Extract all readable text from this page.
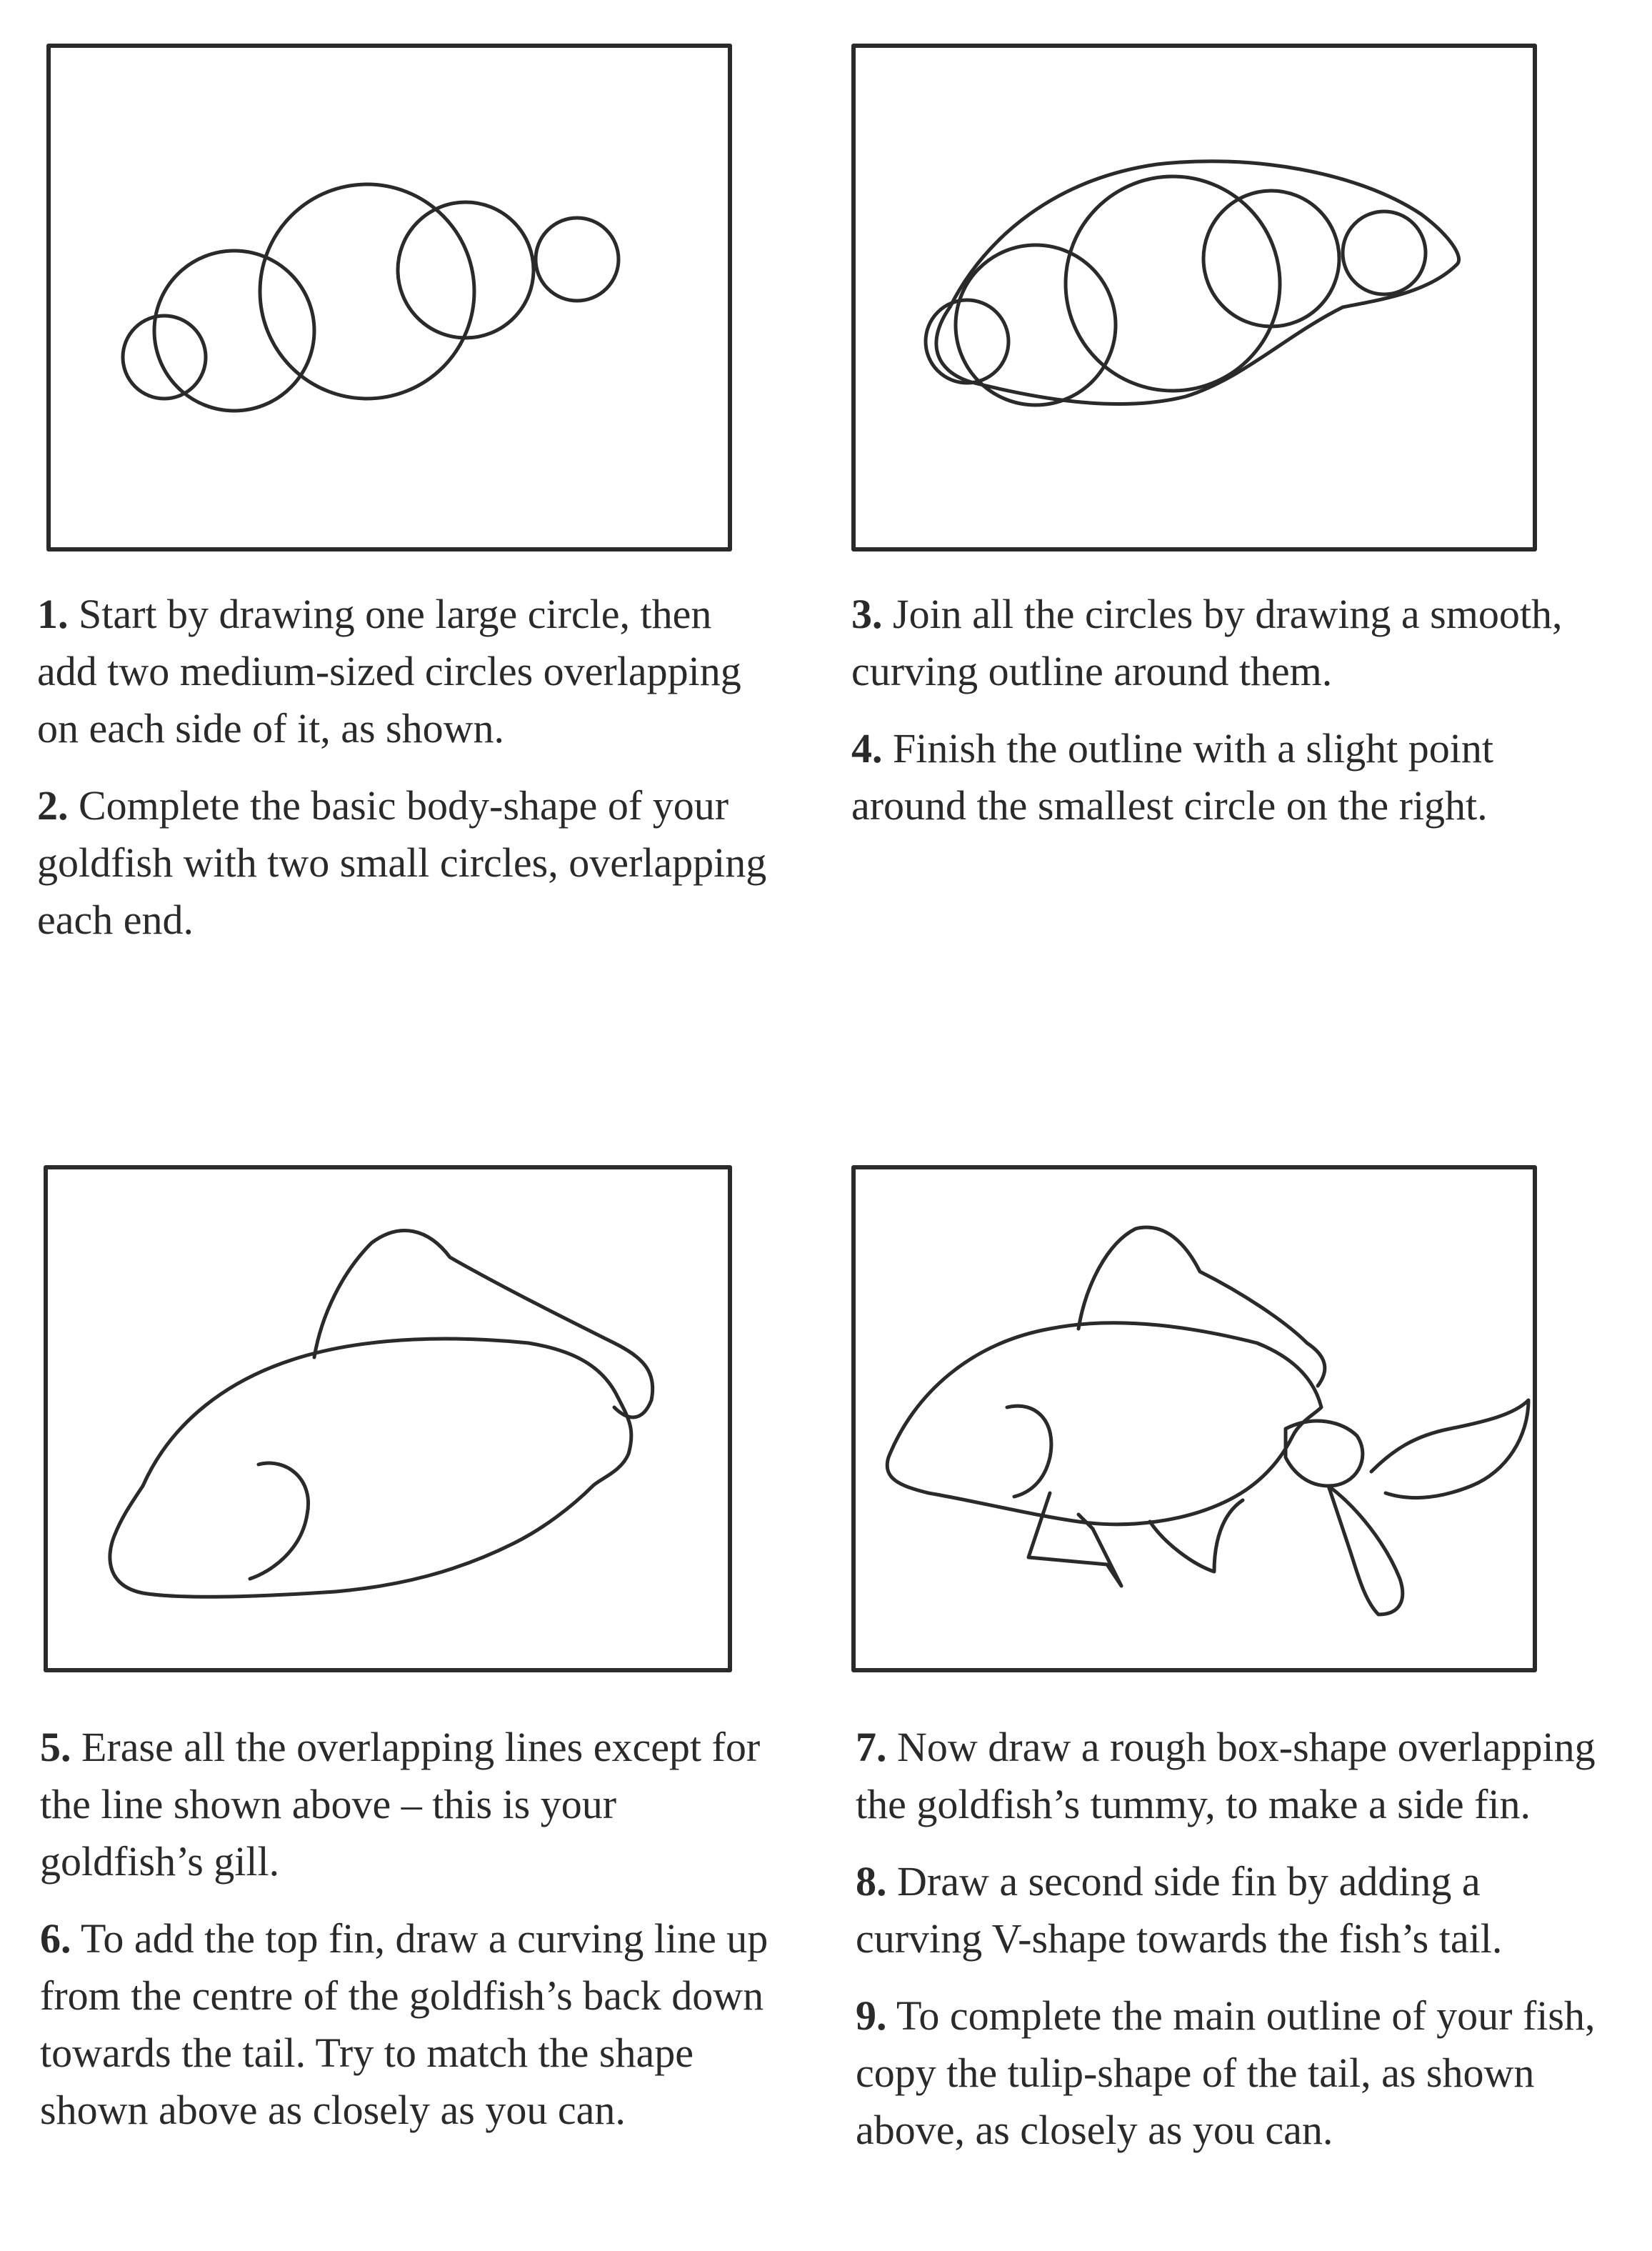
1. Start by drawing one large circle, then add two medium-sized circles overlapping on each side of it, as shown.

2. Complete the basic body-shape of your goldfish with two small circles, overlapping each end.

3. Join all the circles by drawing a smooth, curving outline around them.

4. Finish the outline with a slight point around the smallest circle on the right.

5. Erase all the overlapping lines except for the line shown above – this is your goldfish’s gill.

6. To add the top fin, draw a curving line up from the centre of the goldfish’s back down towards the tail. Try to match the shape shown above as closely as you can.

7. Now draw a rough box-shape overlapping the goldfish’s tummy, to make a side fin.

8. Draw a second side fin by adding a curving V-shape towards the fish’s tail.

9. To complete the main outline of your fish, copy the tulip-shape of the tail, as shown above, as closely as you can.
